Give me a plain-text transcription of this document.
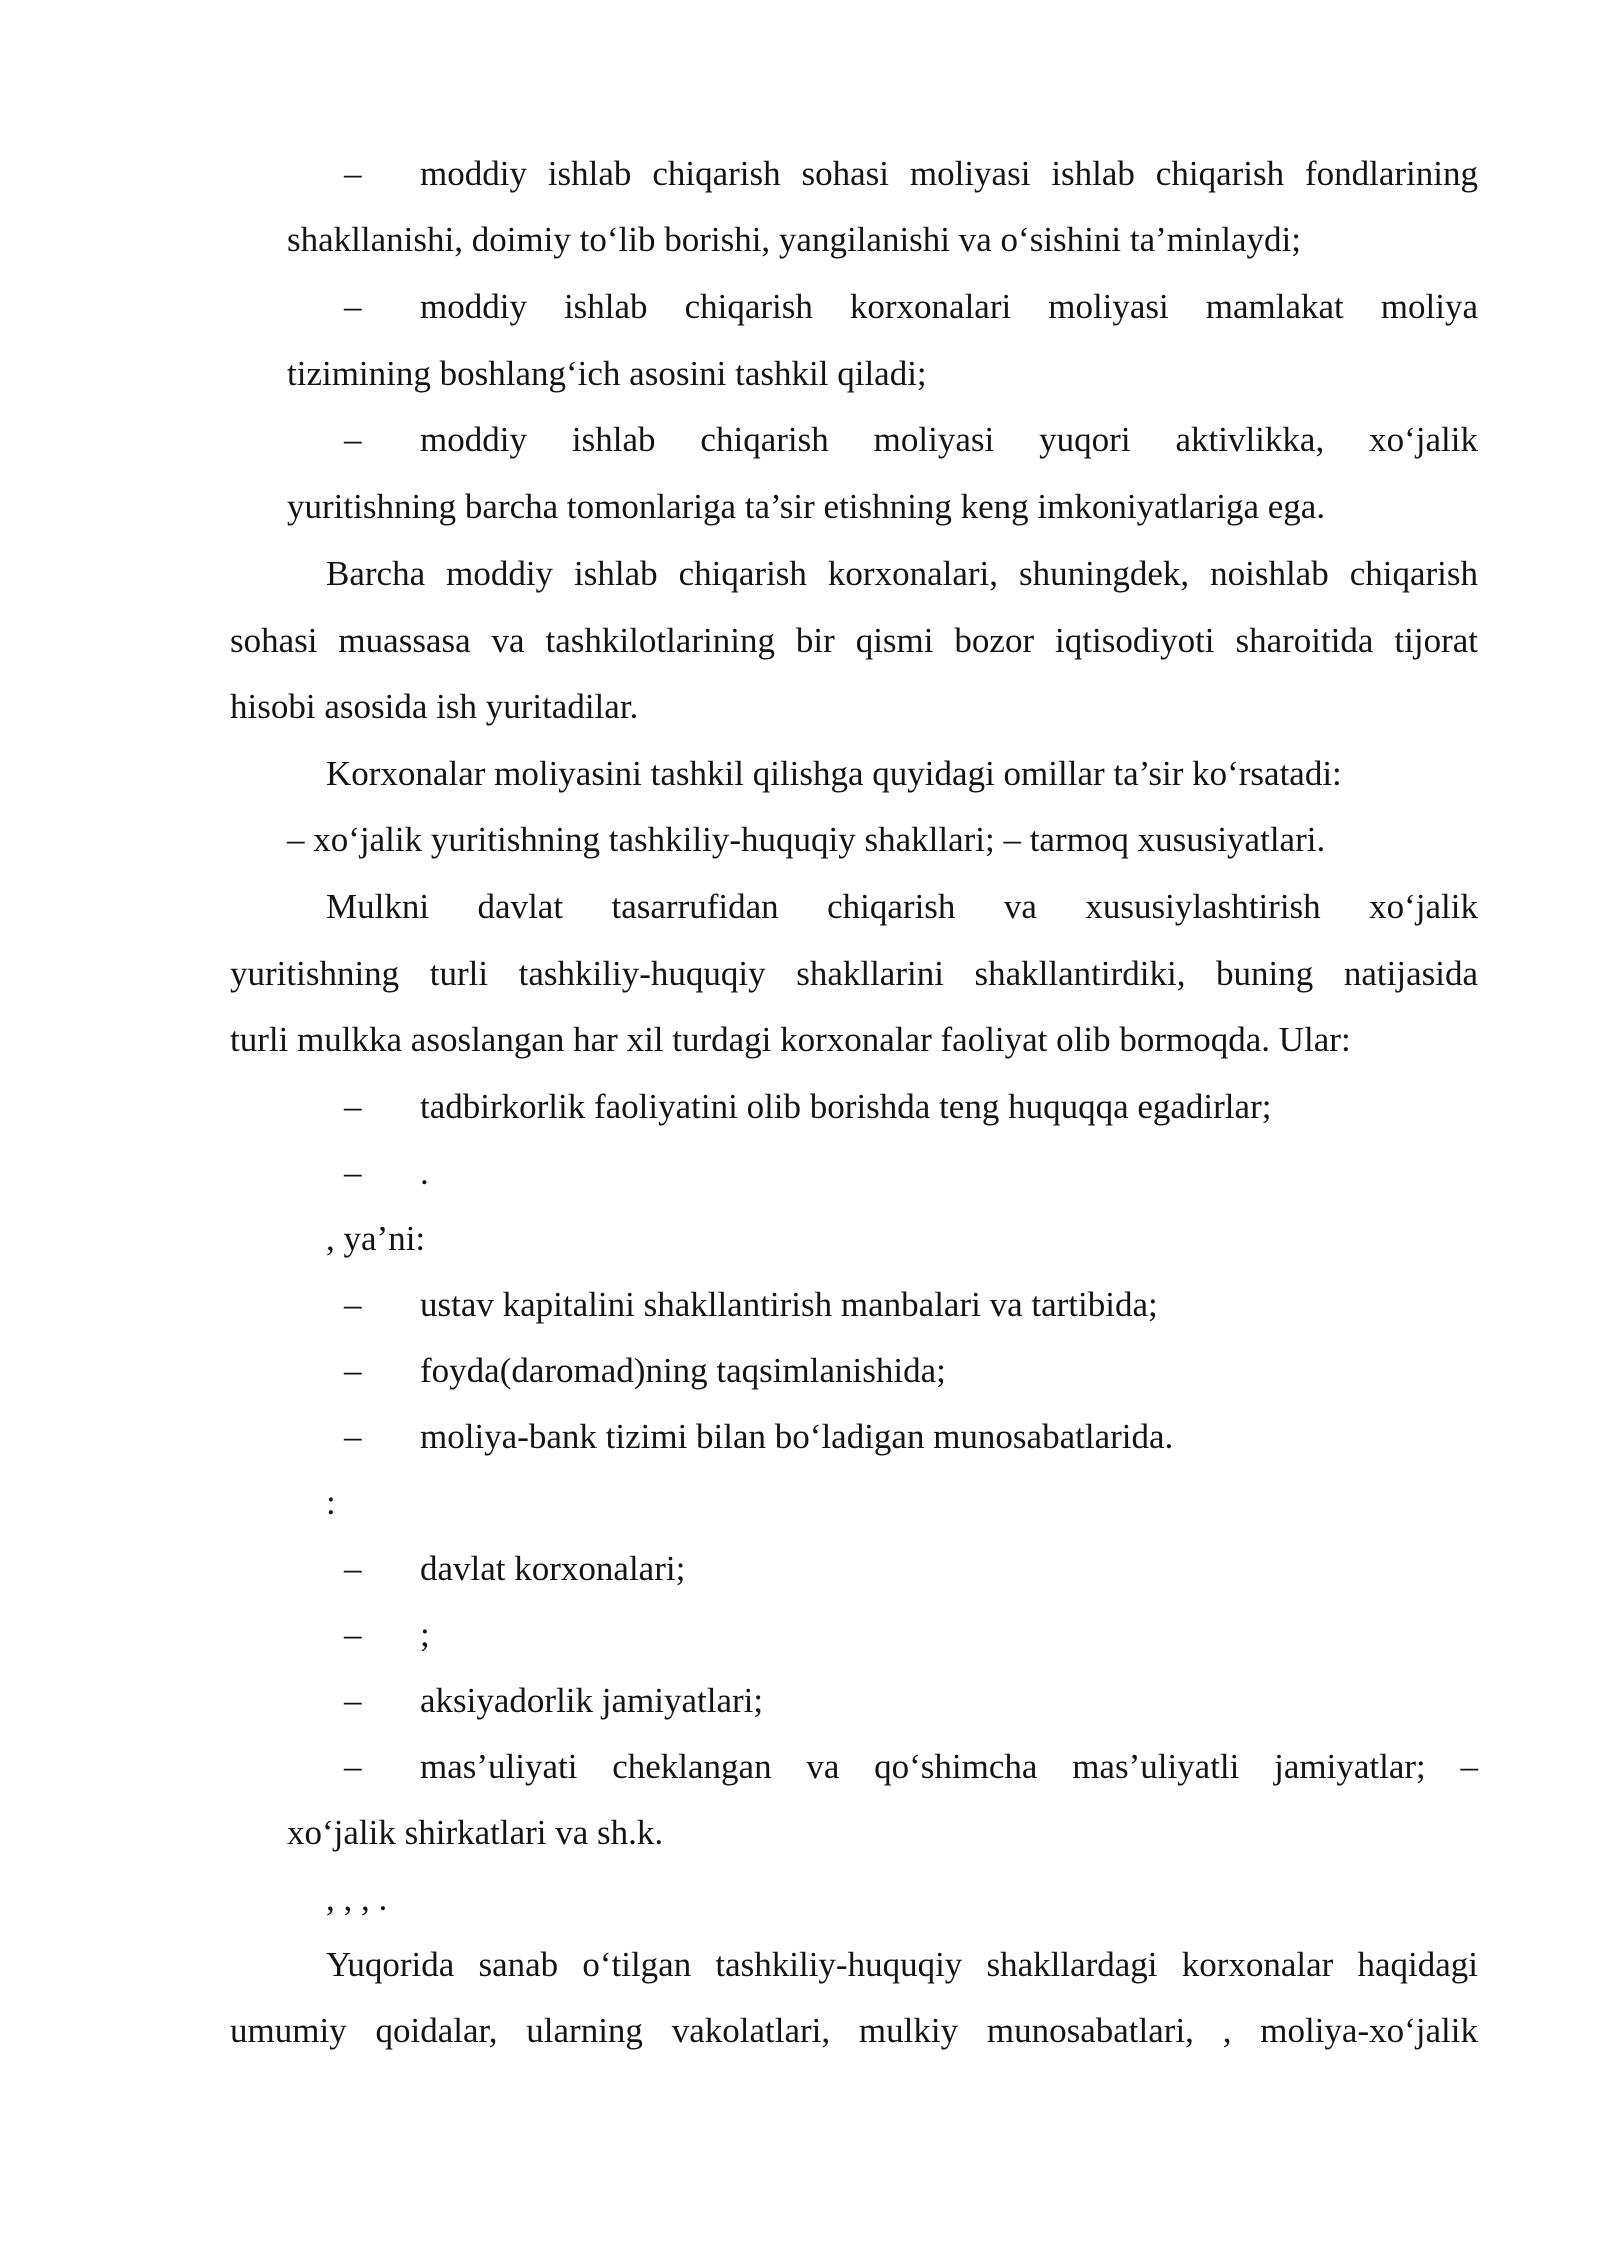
– moddiy ishlab chiqarish sohasi moliyasi ishlab chiqarish fondlarining

shakllanishi, doimiy to‘lib borishi, yangilanishi va o‘sishini ta’minlaydi;

– moddiy ishlab chiqarish korxonalari moliyasi mamlakat moliya

tizimining boshlang‘ich asosini tashkil qiladi;

– moddiy ishlab chiqarish moliyasi yuqori aktivlikka, xo‘jalik

yuritishning barcha tomonlariga ta’sir etishning keng imkoniyatlariga ega.

Barcha moddiy ishlab chiqarish korxonalari, shuningdek, noishlab chiqarish

sohasi muassasa va tashkilotlarining bir qismi bozor iqtisodiyoti sharoitida tijorat

hisobi asosida ish yuritadilar.

Korxonalar moliyasini tashkil qilishga quyidagi omillar ta’sir ko‘rsatadi:

– xo‘jalik yuritishning tashkiliy-huquqiy shakllari; – tarmoq xususiyatlari.

Mulkni davlat tasarrufidan chiqarish va xususiylashtirish xo‘jalik

yuritishning turli tashkiliy-huquqiy shakllarini shakllantirdiki, buning natijasida

turli mulkka asoslangan har xil turdagi korxonalar faoliyat olib bormoqda. Ular:

– tadbirkorlik faoliyatini olib borishda teng huquqqa egadirlar;

– .

, ya’ni:

– ustav kapitalini shakllantirish manbalari va tartibida;

– foyda(daromad)ning taqsimlanishida;

– moliya-bank tizimi bilan bo‘ladigan munosabatlarida.

:

– davlat korxonalari;

– ;

– aksiyadorlik jamiyatlari;

– mas’uliyati cheklangan va qo‘shimcha mas’uliyatli jamiyatlar; –

xo‘jalik shirkatlari va sh.k.

, , , .

Yuqorida sanab o‘tilgan tashkiliy-huquqiy shakllardagi korxonalar haqidagi

umumiy qoidalar, ularning vakolatlari, mulkiy munosabatlari, , moliya-xo‘jalik
